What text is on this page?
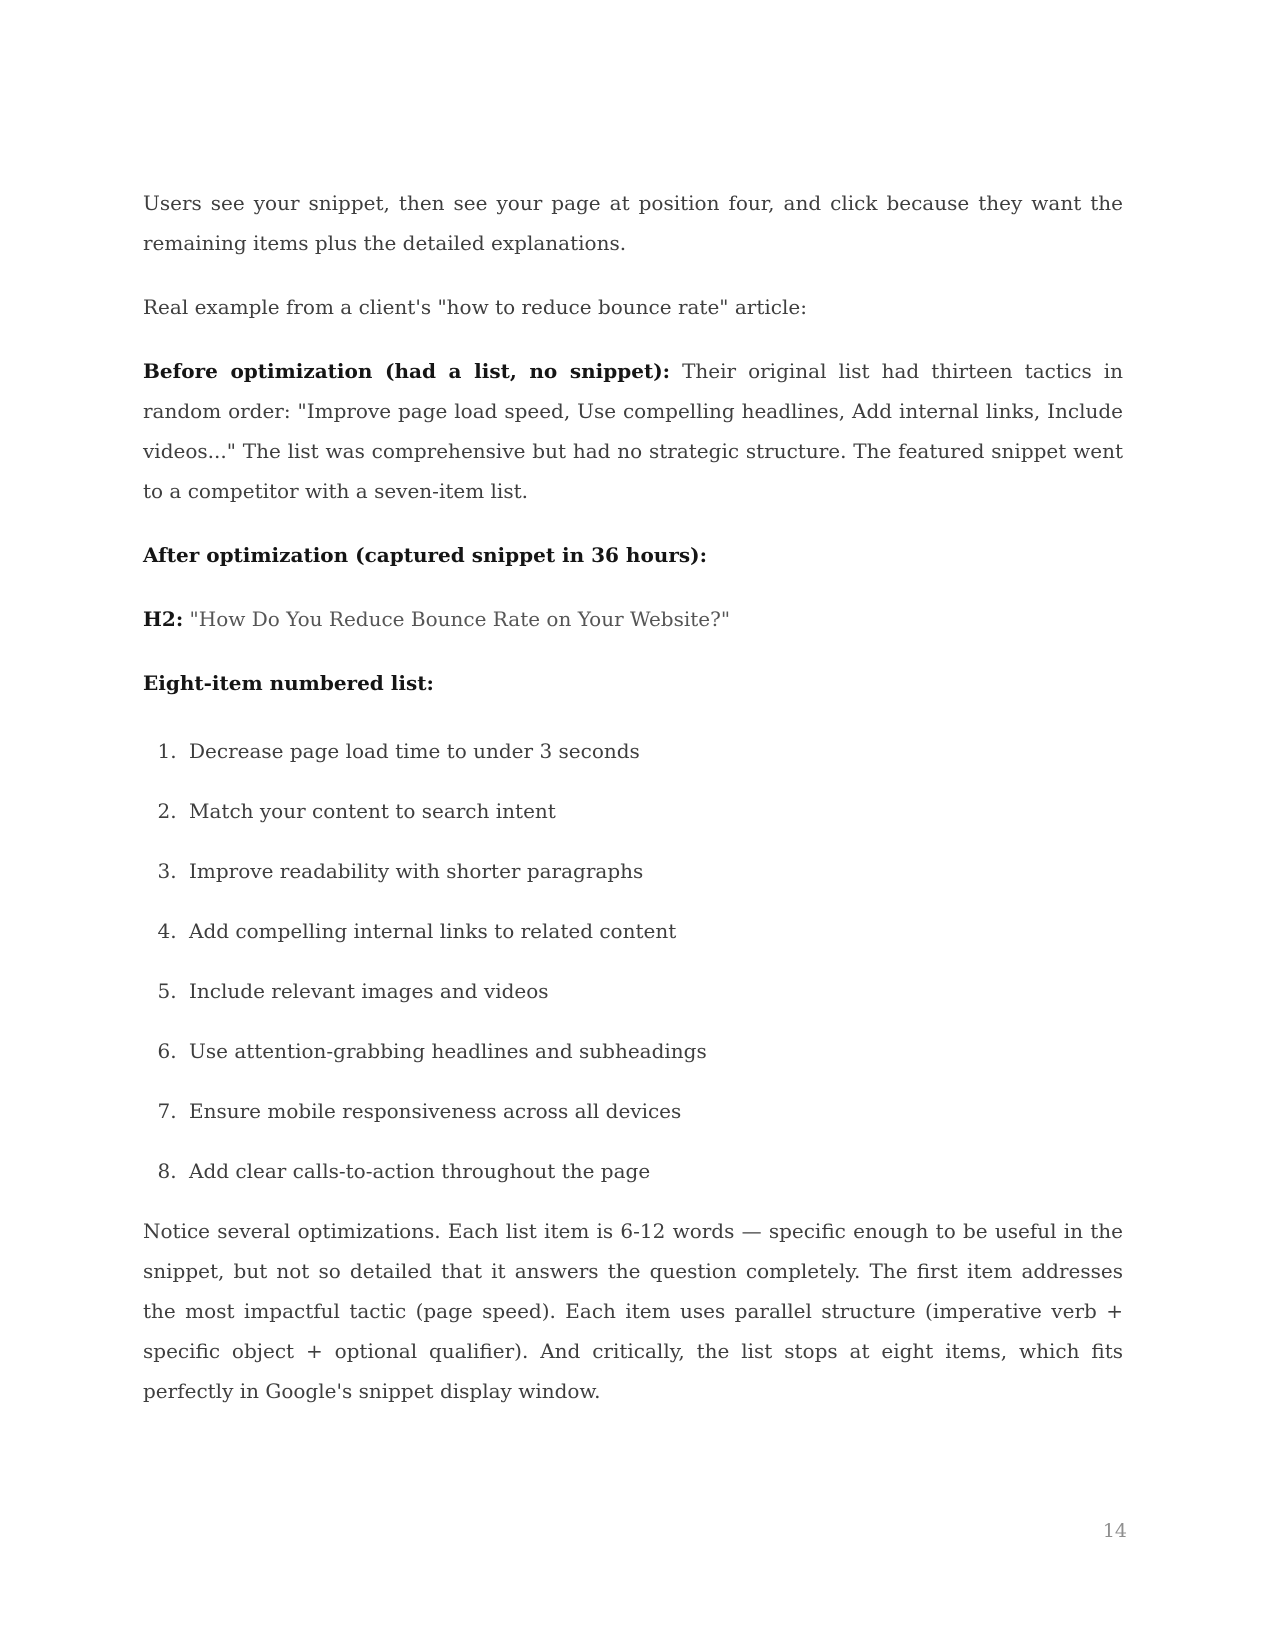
Users see your snippet, then see your page at position four, and click because they want the remaining items plus the detailed explanations.

Real example from a client's "how to reduce bounce rate" article:

Before optimization (had a list, no snippet): Their original list had thirteen tactics in random order: "Improve page load speed, Use compelling headlines, Add internal links, Include videos..." The list was comprehensive but had no strategic structure. The featured snippet went to a competitor with a seven-item list.

After optimization (captured snippet in 36 hours):

H2: "How Do You Reduce Bounce Rate on Your Website?"

Eight-item numbered list:

1. Decrease page load time to under 3 seconds
2. Match your content to search intent
3. Improve readability with shorter paragraphs
4. Add compelling internal links to related content
5. Include relevant images and videos
6. Use attention-grabbing headlines and subheadings
7. Ensure mobile responsiveness across all devices
8. Add clear calls-to-action throughout the page

Notice several optimizations. Each list item is 6-12 words — specific enough to be useful in the snippet, but not so detailed that it answers the question completely. The first item addresses the most impactful tactic (page speed). Each item uses parallel structure (imperative verb + specific object + optional qualifier). And critically, the list stops at eight items, which fits perfectly in Google's snippet display window.

14
